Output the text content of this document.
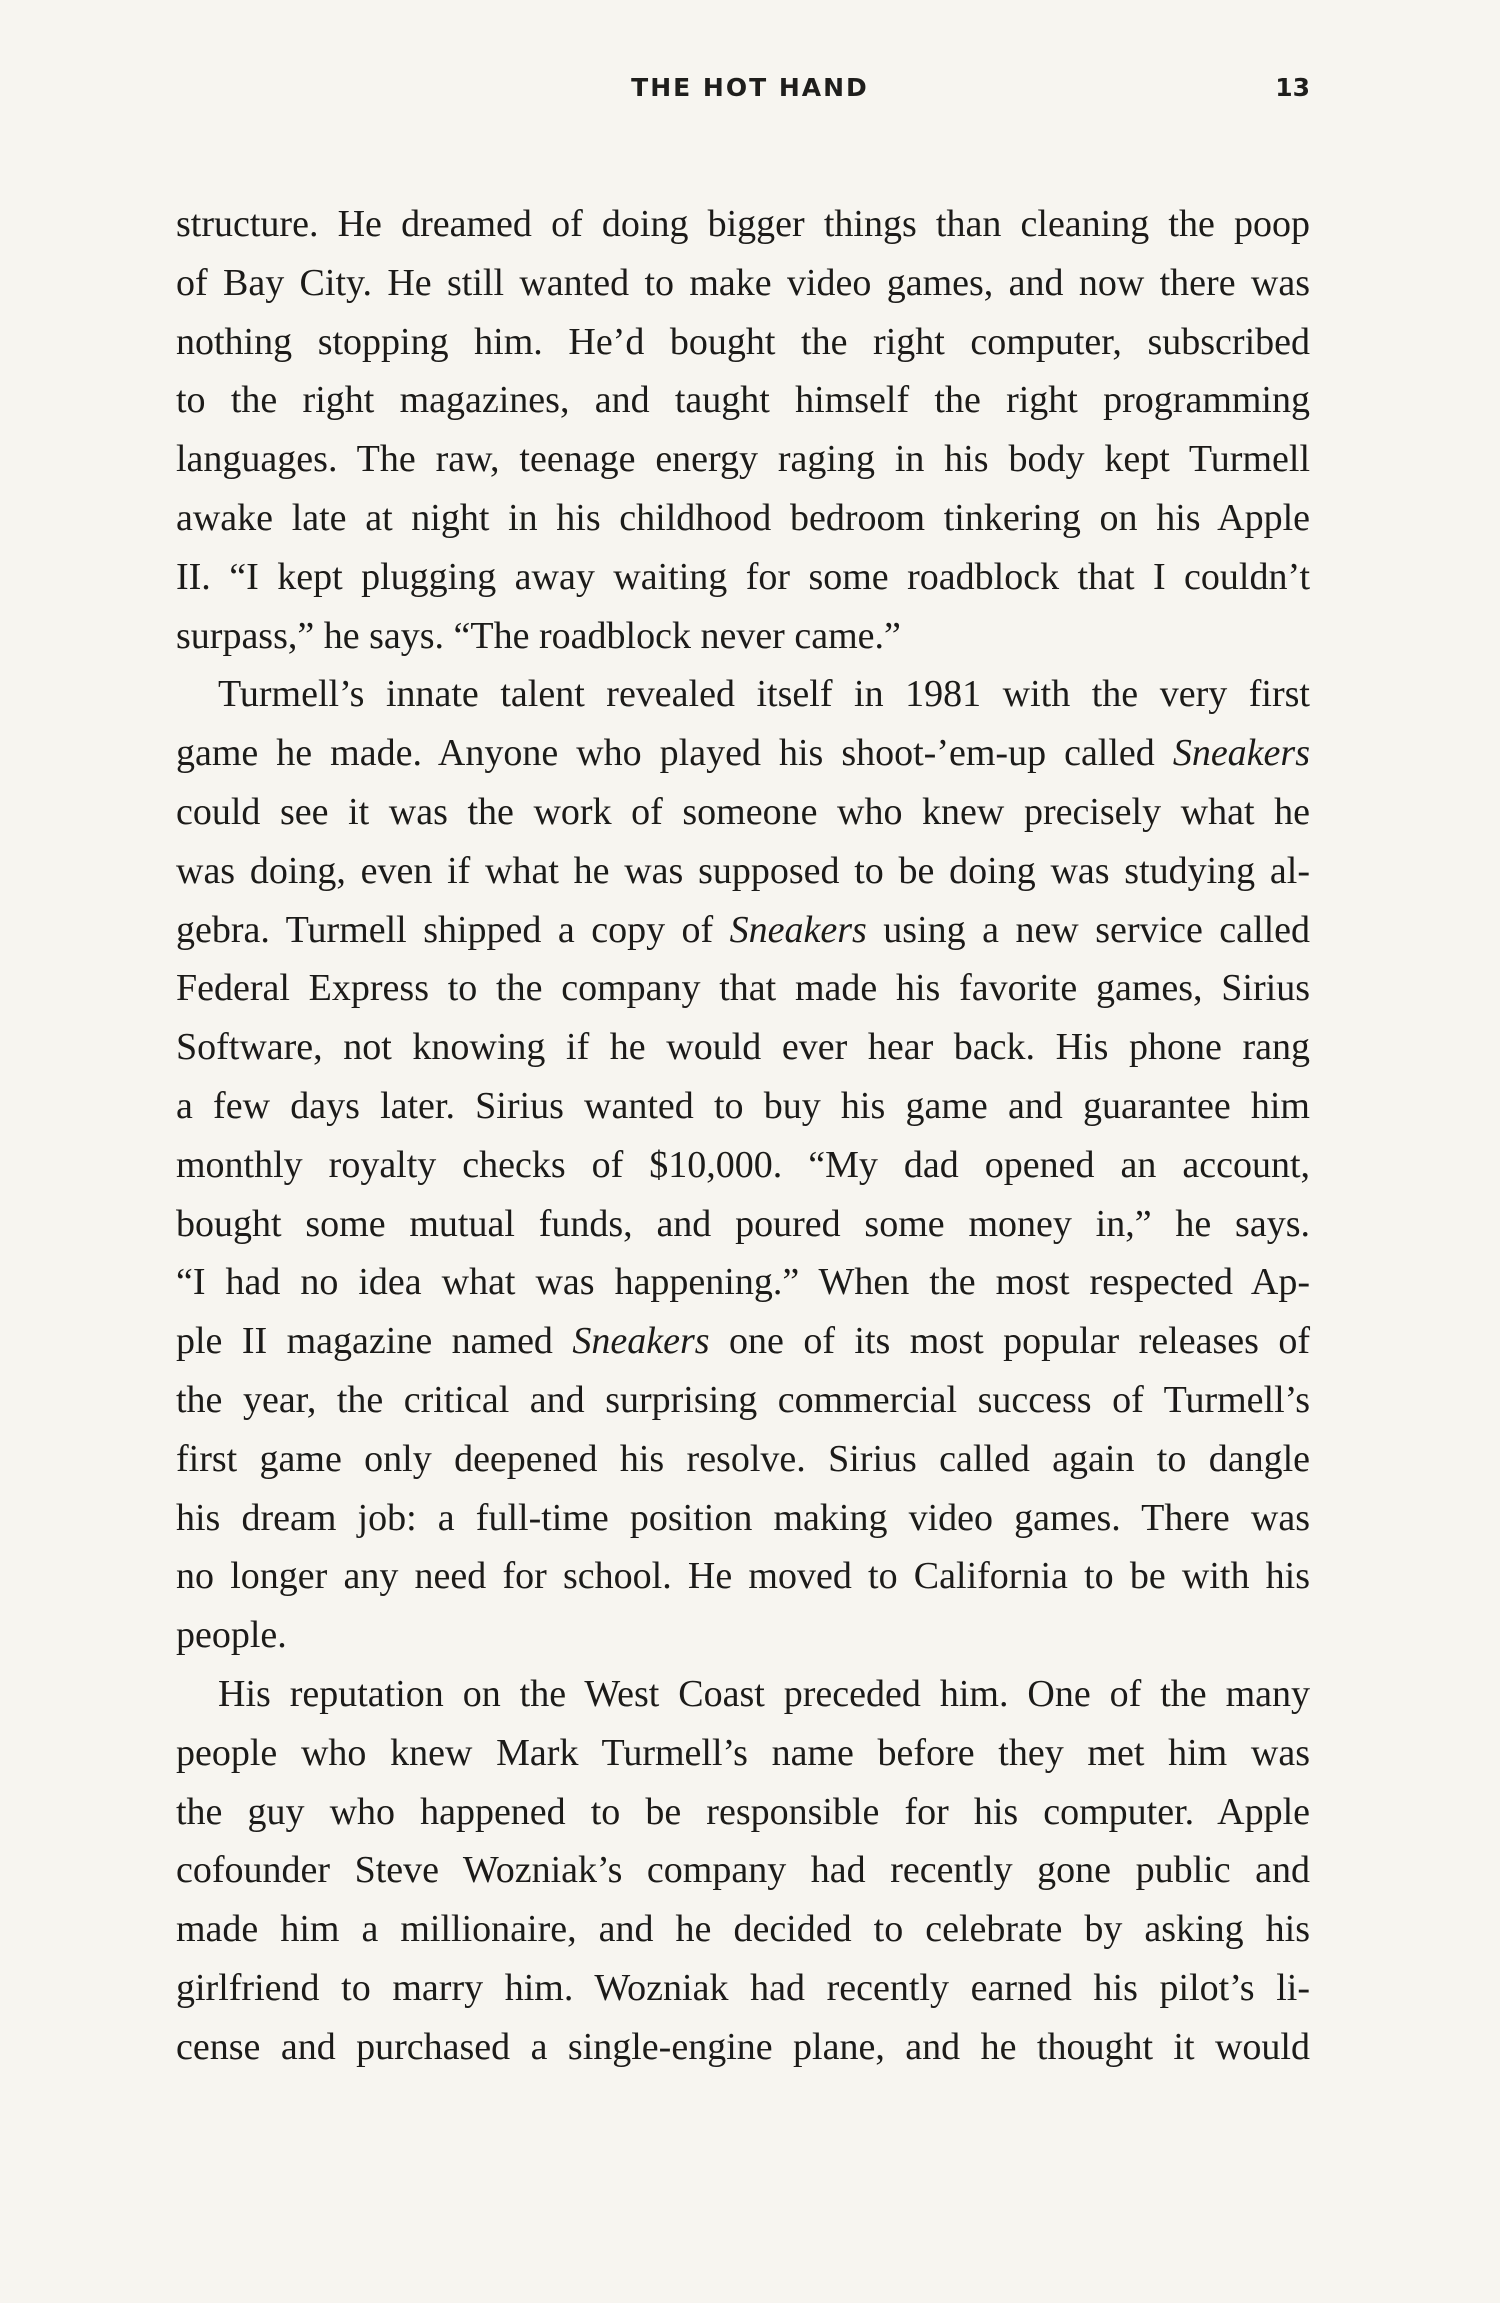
THE HOT HAND	13
structure. He dreamed of doing bigger things than cleaning the poop
of Bay City. He still wanted to make video games, and now there was
nothing stopping him. He’d bought the right computer, subscribed
to the right magazines, and taught himself the right programming
languages. The raw, teenage energy raging in his body kept Turmell
awake late at night in his childhood bedroom tinkering on his Apple
II. “I kept plugging away waiting for some roadblock that I couldn’t
surpass,” he says. “The roadblock never came.”
Turmell’s innate talent revealed itself in 1981 with the very first
game he made. Anyone who played his shoot-’em-up called Sneakers
could see it was the work of someone who knew precisely what he
was doing, even if what he was supposed to be doing was studying al-
gebra. Turmell shipped a copy of Sneakers using a new service called
Federal Express to the company that made his favorite games, Sirius
Software, not knowing if he would ever hear back. His phone rang
a few days later. Sirius wanted to buy his game and guarantee him
monthly royalty checks of $10,000. “My dad opened an account,
bought some mutual funds, and poured some money in,” he says.
“I had no idea what was happening.” When the most respected Ap-
ple II magazine named Sneakers one of its most popular releases of
the year, the critical and surprising commercial success of Turmell’s
first game only deepened his resolve. Sirius called again to dangle
his dream job: a full-time position making video games. There was
no longer any need for school. He moved to California to be with his
people.
His reputation on the West Coast preceded him. One of the many
people who knew Mark Turmell’s name before they met him was
the guy who happened to be responsible for his computer. Apple
cofounder Steve Wozniak’s company had recently gone public and
made him a millionaire, and he decided to celebrate by asking his
girlfriend to marry him. Wozniak had recently earned his pilot’s li-
cense and purchased a single-engine plane, and he thought it would
